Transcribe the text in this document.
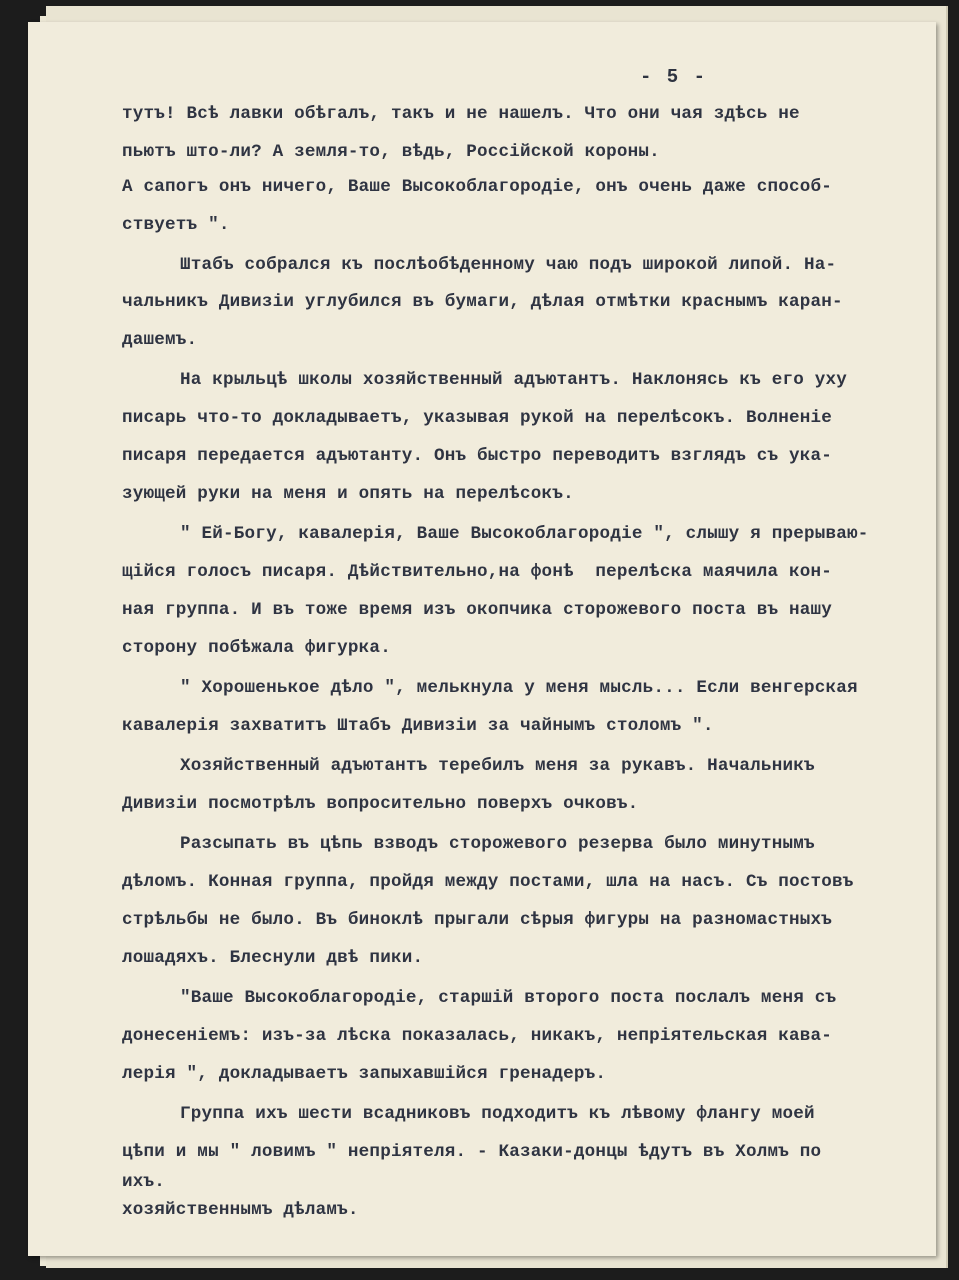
- 5 -
тутъ! Всѣ лавки обѣгалъ, такъ и не нашелъ. Что они чая здѣсь не
пьютъ што-ли? А земля-то, вѣдь, Россійской короны.
А сапогъ онъ ничего, Ваше Высокоблагородіе, онъ очень даже способ-
ствуетъ ".
Штабъ собрался къ послѣобѣденному чаю подъ широкой липой. На-
чальникъ Дивизіи углубился въ бумаги, дѣлая отмѣтки краснымъ каран-
дашемъ.
На крыльцѣ школы хозяйственный адъютантъ. Наклонясь къ его уху
писарь что-то докладываетъ, указывая рукой на перелѣсокъ. Волненіе
писаря передается адъютанту. Онъ быстро переводитъ взглядъ съ ука-
зующей руки на меня и опять на перелѣсокъ.
" Ей-Богу, кавалерія, Ваше Высокоблагородіе ", слышу я прерываю-
щійся голосъ писаря. Дѣйствительно,на фонѣ  перелѣска маячила кон-
ная группа. И въ тоже время изъ окопчика сторожевого поста въ нашу
сторону побѣжала фигурка.
" Хорошенькое дѣло ", мелькнула у меня мысль... Если венгерская
кавалерія захватитъ Штабъ Дивизіи за чайнымъ столомъ ".
Хозяйственный адъютантъ теребилъ меня за рукавъ. Начальникъ
Дивизіи посмотрѣлъ вопросительно поверхъ очковъ.
Разсыпать въ цѣпь взводъ сторожевого резерва было минутнымъ
дѣломъ. Конная группа, пройдя между постами, шла на насъ. Съ постовъ
стрѣльбы не было. Въ биноклѣ прыгали сѣрыя фигуры на разномастныхъ
лошадяхъ. Блеснули двѣ пики.
"Ваше Высокоблагородіе, старшій второго поста послалъ меня съ
донесеніемъ: изъ-за лѣска показалась, никакъ, непріятельская кава-
лерія ", докладываетъ запыхавшійся гренадеръ.
Группа ихъ шести всадниковъ подходитъ къ лѣвому флангу моей
цѣпи и мы " ловимъ " непріятеля. - Казаки-донцы ѣдутъ въ Холмъ по
ихъ.
хозяйственнымъ дѣламъ.
